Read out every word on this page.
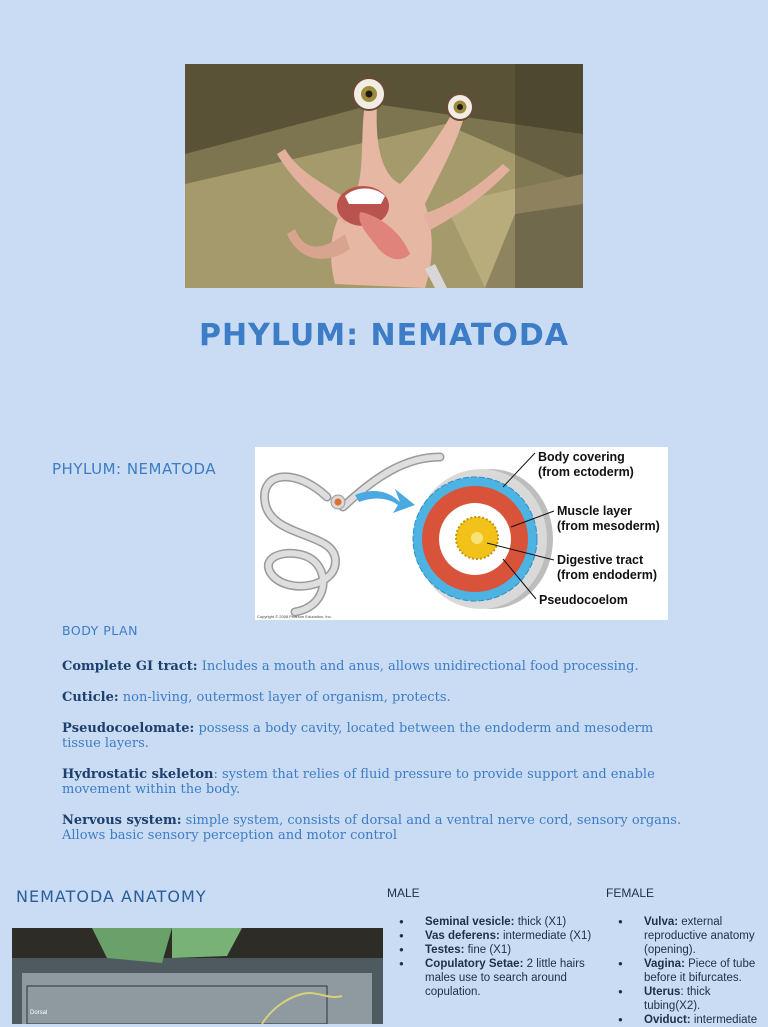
PHYLUM: NEMATODA
PHYLUM: NEMATODA
Body covering
(from ectoderm)
Muscle layer
(from mesoderm)
Digestive tract
(from endoderm)
Pseudocoelom
Copyright © 2008 Pearson Education, Inc.
BODY PLAN

Complete GI tract: Includes a mouth and anus, allows unidirectional food processing.

Cuticle: non-living, outermost layer of organism, protects.

Pseudocoelomate: possess a body cavity, located between the endoderm and mesoderm tissue layers.

Hydrostatic skeleton: system that relies of fluid pressure to provide support and enable movement within the body.

Nervous system: simple system, consists of dorsal and a ventral nerve cord, sensory organs. Allows basic sensory perception and motor control

NEMATODA ANATOMY
Dorsal
MALE
● Seminal vesicle: thick (X1)
● Vas deferens: intermediate (X1)
● Testes: fine (X1)
● Copulatory Setae: 2 little hairs males use to search around copulation.
FEMALE
● Vulva: external reproductive anatomy (opening).
● Vagina: Piece of tube before it bifurcates.
● Uterus: thick tubing(X2).
● Oviduct: intermediate
